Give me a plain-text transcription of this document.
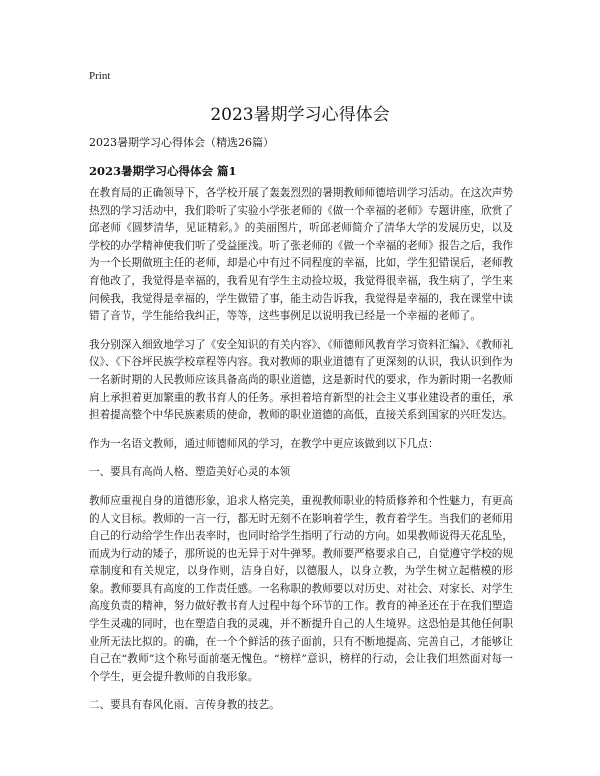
Print
2023暑期学习心得体会
2023暑期学习心得体会（精选26篇）
2023暑期学习心得体会 篇1

在教育局的正确领导下，各学校开展了轰轰烈烈的暑期教师师德培训学习活动。在这次声势热烈的学习活动中，我们聆听了实验小学张老师的《做一个幸福的老师》专题讲座，欣赏了邱老师《圆梦清华，见证精彩。》的美丽图片，听邱老师简介了清华大学的发展历史，以及学校的办学精神使我们听了受益匪浅。听了张老师的《做一个幸福的老师》报告之后，我作为一个长期做班主任的老师，却是心中有过不同程度的幸福，比如，学生犯错误后，老师教育他改了，我觉得是幸福的，我看见有学生主动捡垃圾，我觉得很幸福，我生病了，学生来问候我，我觉得是幸福的，学生做错了事，能主动告诉我，我觉得是幸福的，我在课堂中读错了音节，学生能给我纠正，等等，这些事例足以说明我已经是一个幸福的老师了。

我分别深入细致地学习了《安全知识的有关内容》、《师德师风教育学习资料汇编》、《教师礼仪》、《下谷坪民族学校章程等内容。我对教师的职业道德有了更深刻的认识，我认识到作为一名新时期的人民教师应该具备高尚的职业道德，这是新时代的要求，作为新时期一名教师肩上承担着更加繁重的教书育人的任务。承担着培育新型的社会主义事业建设者的重任，承担着提高整个中华民族素质的使命，教师的职业道德的高低，直接关系到国家的兴旺发达。

作为一名语文教师，通过师德师风的学习，在教学中更应该做到以下几点：

一、要具有高尚人格、塑造美好心灵的本领

教师应重视自身的道德形象，追求人格完美，重视教师职业的特质修养和个性魅力，有更高的人文目标。教师的一言一行，都无时无刻不在影响着学生，教育着学生。当我们的老师用自己的行动给学生作出表率时，也同时给学生指明了行动的方向。如果教师说得天花乱坠，而成为行动的矮子，那所说的也无异于对牛弹琴。教师要严格要求自己，自觉遵守学校的规章制度和有关规定，以身作则，洁身自好，以德服人，以身立教，为学生树立起楷模的形象。教师要具有高度的工作责任感。一名称职的教师要以对历史、对社会、对家长、对学生高度负责的精神，努力做好教书育人过程中每个环节的工作。教育的神圣还在于在我们塑造学生灵魂的同时，也在塑造自我的灵魂，并不断提升自己的人生境界。这恐怕是其他任何职业所无法比拟的。的确，在一个个鲜活的孩子面前，只有不断地提高、完善自己，才能够让自己在“教师”这个称号面前毫无愧色。“榜样”意识，榜样的行动，会让我们坦然面对每一个学生，更会提升教师的自我形象。

二、要具有春风化雨、言传身教的技艺。
